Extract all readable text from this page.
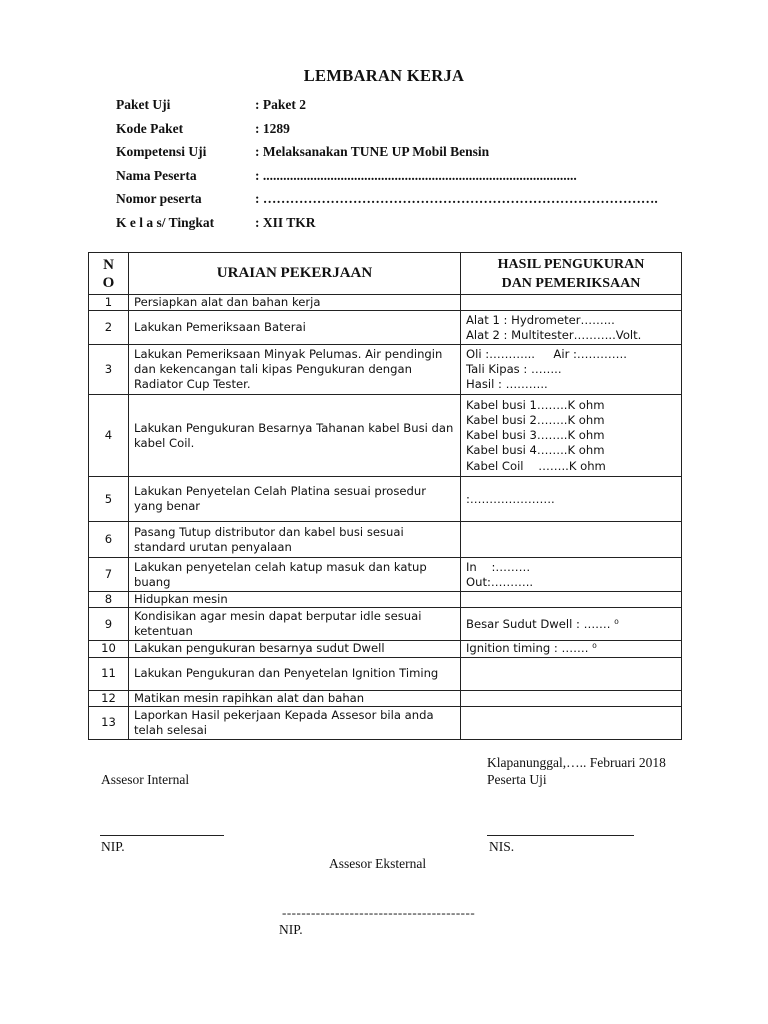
LEMBARAN KERJA
Paket Uji	: Paket 2
Kode Paket	: 1289
Kompetensi Uji	: Melaksanakan TUNE UP Mobil Bensin
Nama Peserta	: .............................................................................................
Nomor peserta	: …………………………………………………………………………….
K e l a s/ Tingkat	: XII TKR
N
O	URAIAN PEKERJAAN	HASIL PENGUKURAN
DAN PEMERIKSAAN

1	Persiapkan alat dan bahan kerja	
2	Lakukan Pemeriksaan Baterai	Alat 1 : Hydrometer……...
Alat 2 : Multitester………..Volt.

3	Lakukan Pemeriksaan Minyak Pelumas. Air pendingin dan kekencangan tali kipas Pengukuran dengan Radiator Cup Tester.	Oli :………...     Air :………….
Tali Kipas : ……..
Hasil : ………..

4	Lakukan Pengukuran Besarnya Tahanan kabel Busi dan kabel Coil.	Kabel busi 1……..K ohm
Kabel busi 2……..K ohm
Kabel busi 3……..K ohm
Kabel busi 4……..K ohm
Kabel Coil    ……..K ohm

5	Lakukan Penyetelan Celah Platina sesuai prosedur yang benar	:………………….

6	Pasang Tutup distributor dan kabel busi sesuai standard urutan penyalaan	
7	Lakukan penyetelan celah katup masuk dan katup buang	In    :………
Out:………..

8	Hidupkan mesin	
9	Kondisikan agar mesin dapat berputar idle sesuai ketentuan	Besar Sudut Dwell : ……. ⁰

10	Lakukan pengukuran besarnya sudut Dwell	Ignition timing : ……. ⁰

11	Lakukan Pengukuran dan Penyetelan Ignition Timing	
12	Matikan mesin rapihkan alat dan bahan	
13	Laporkan Hasil pekerjaan Kepada Assesor bila anda telah selesai	
Klapanunggal,….. Februari 2018
Assesor Internal	Peserta Uji
NIP.	NIS.
Assesor Eksternal
----------------------------------------
NIP.
